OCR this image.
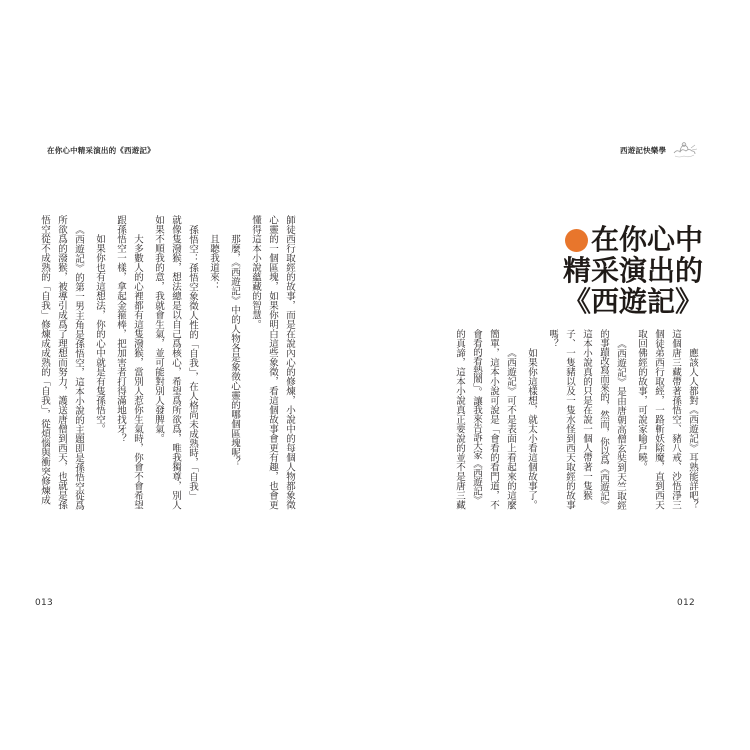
在你心中精采演出的《西遊記》
師徒西行取經的故事，而是在說內心的修煉，小說中的每個人物都象徵
心靈的一個區塊，如果你明白這些象徵，看這個故事會更有趣，也會更
懂得這本小說蘊藏的智慧。
那麼，《西遊記》中的人物各是象徵心靈的哪個區塊呢？
且聽我道來：
孫悟空：孫悟空象徵人性的「自我」，在人格尚未成熟時，「自我」
就像隻潑猴，想法總是以自己爲核心，希望爲所欲爲，唯我獨尊，別人
如果不順我的意，我就會生氣，並可能對別人發脾氣。
大多數人的心裡都有這隻潑猴，當別人惹你生氣時，你會不會希望
跟孫悟空一樣，拿起金箍棒，把加害者打得滿地找牙？
如果你也有這想法，你的心中就是有隻孫悟空。
《西遊記》的第一男主角是孫悟空，這本小說的主題即是孫悟空從爲
所欲爲的潑猴，被導引成爲了理想而努力，護送唐僧到西天，也就是孫
悟空從不成熟的「自我」修煉成成熟的「自我」，從煩惱與衝突修煉成
013
西遊記快樂學
在你心中
精采演出的
《西遊記》
應該人人都對《西遊記》耳熟能詳吧？
這個唐三藏帶著孫悟空、豬八戒、沙悟淨三
個徒弟西行取經，一路斬妖除魔，直到西天
取回佛經的故事，可說家喻戶曉。
《西遊記》是由唐朝高僧玄奘到天竺取經
的事蹟改寫而來的，然而，你以爲《西遊記》
這本小說真的只是在說一個人帶著一隻猴
子、一隻豬以及一隻水怪到西天取經的故事
嗎？
如果你這樣想，就太小看這個故事了。
《西遊記》可不是表面上看起來的這麼
簡單，這本小說可說是「會看的看門道，不
會看的看熱鬧」。讓我來告訴大家《西遊記》
的真諦，這本小說真正要說的並不是唐三藏
012
